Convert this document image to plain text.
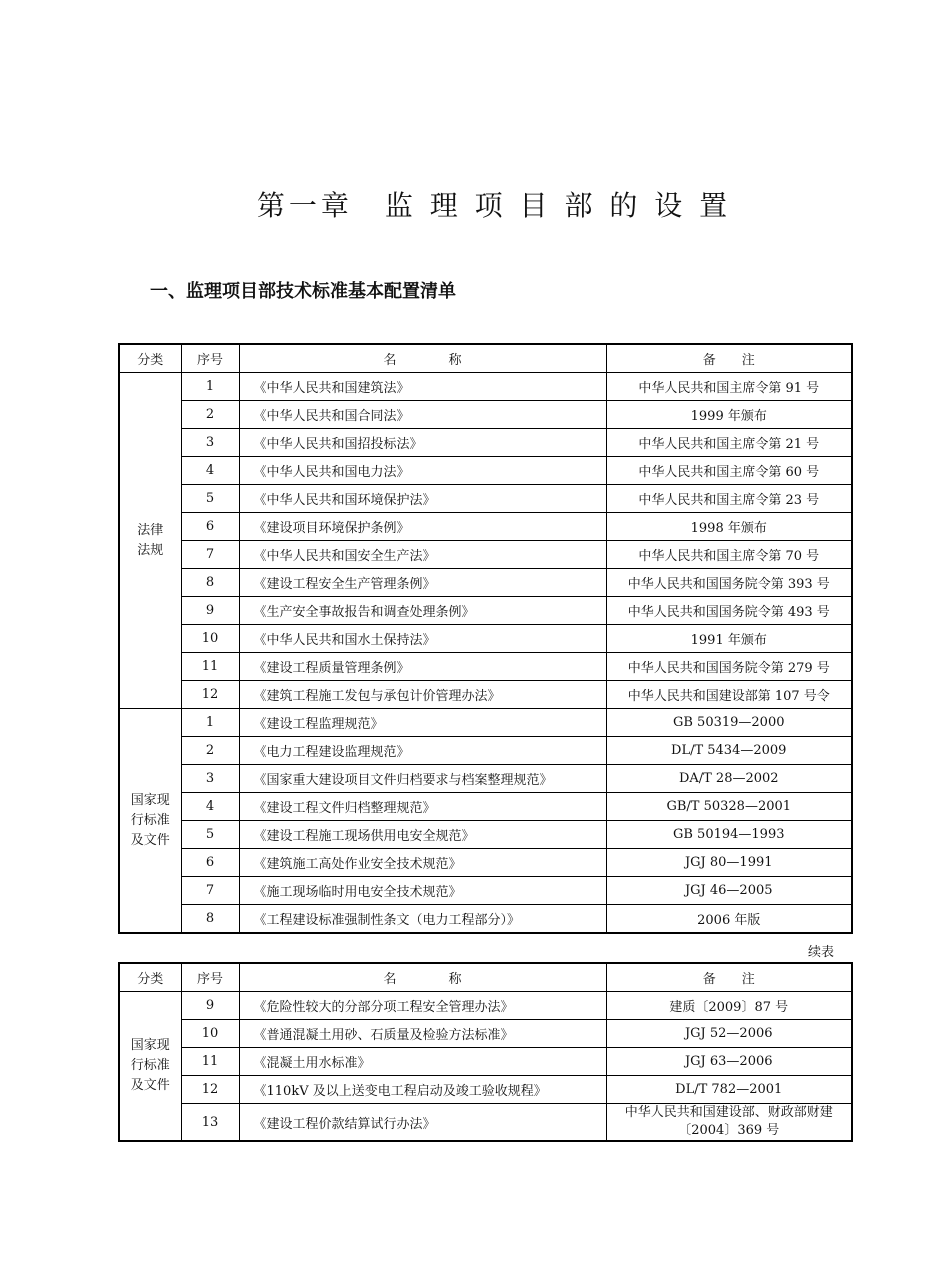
第一章　监 理 项 目 部 的 设 置
一、监理项目部技术标准基本配置清单
分类	序号	名　　　　称	备　　注

法律
法规	1	《中华人民共和国建筑法》	中华人民共和国主席令第 91 号
	2	《中华人民共和国合同法》	1999 年颁布
	3	《中华人民共和国招投标法》	中华人民共和国主席令第 21 号
	4	《中华人民共和国电力法》	中华人民共和国主席令第 60 号
	5	《中华人民共和国环境保护法》	中华人民共和国主席令第 23 号
	6	《建设项目环境保护条例》	1998 年颁布
	7	《中华人民共和国安全生产法》	中华人民共和国主席令第 70 号
	8	《建设工程安全生产管理条例》	中华人民共和国国务院令第 393 号
	9	《生产安全事故报告和调查处理条例》	中华人民共和国国务院令第 493 号
	10	《中华人民共和国水土保持法》	1991 年颁布
	11	《建设工程质量管理条例》	中华人民共和国国务院令第 279 号
	12	《建筑工程施工发包与承包计价管理办法》	中华人民共和国建设部第 107 号令

国家现
行标准
及文件	1	《建设工程监理规范》	GB 50319—2000
	2	《电力工程建设监理规范》	DL/T 5434—2009
	3	《国家重大建设项目文件归档要求与档案整理规范》	DA/T 28—2002
	4	《建设工程文件归档整理规范》	GB/T 50328—2001
	5	《建设工程施工现场供用电安全规范》	GB 50194—1993
	6	《建筑施工高处作业安全技术规范》	JGJ 80—1991
	7	《施工现场临时用电安全技术规范》	JGJ 46—2005
	8	《工程建设标准强制性条文（电力工程部分）》	2006 年版
续表
分类	序号	名　　　　称	备　　注

国家现
行标准
及文件	9	《危险性较大的分部分项工程安全管理办法》	建质〔2009〕87 号
	10	《普通混凝土用砂、石质量及检验方法标准》	JGJ 52—2006
	11	《混凝土用水标准》	JGJ 63—2006
	12	《110kV 及以上送变电工程启动及竣工验收规程》	DL/T 782—2001
	13	《建设工程价款结算试行办法》	中华人民共和国建设部、财政部财建
〔2004〕369 号
